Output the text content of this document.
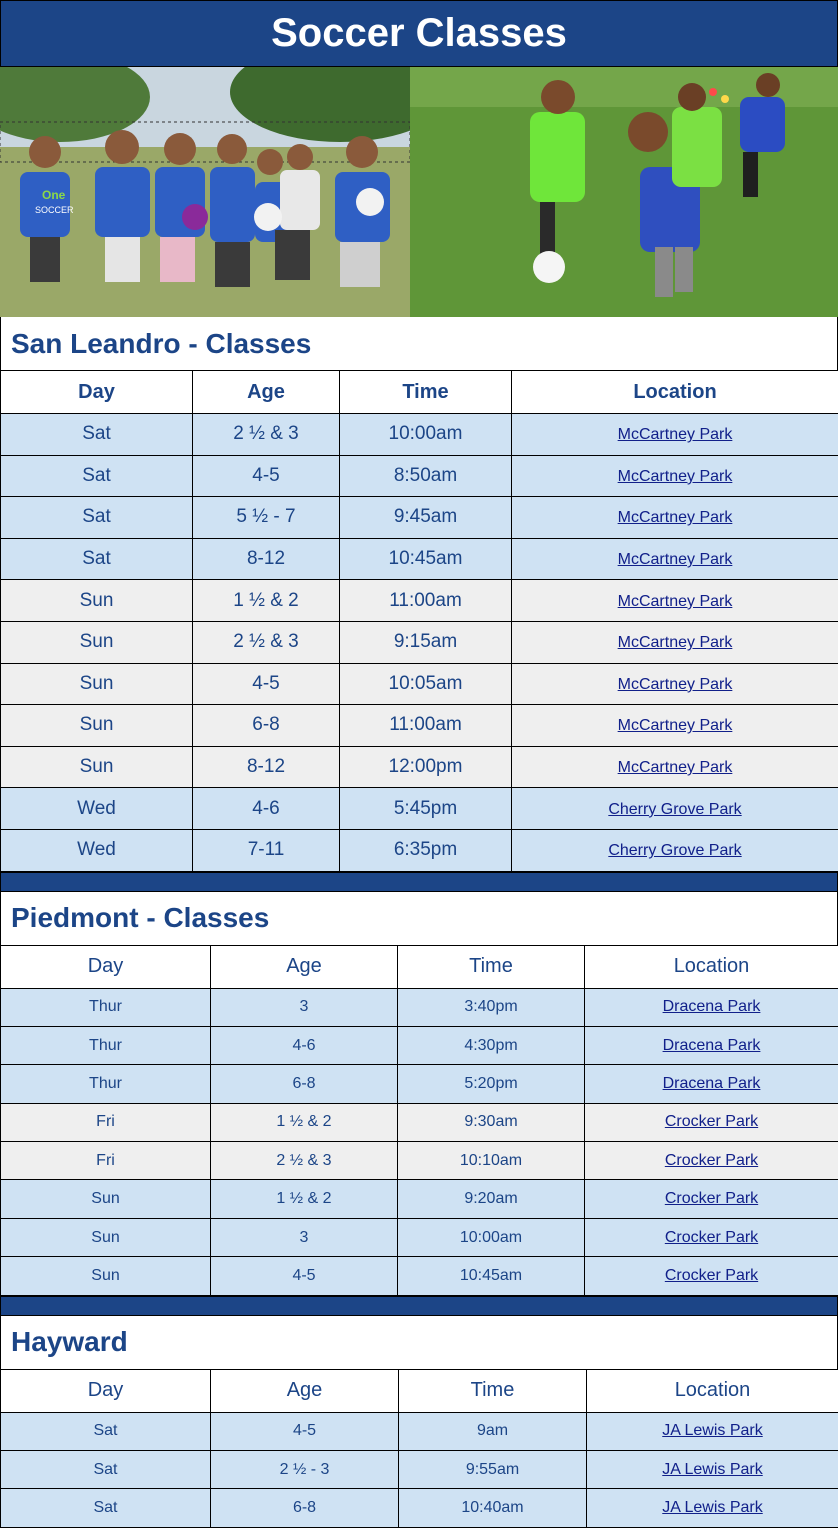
Soccer Classes
One
SOCCER
San Leandro - Classes
Day	Age	Time	Location
Sat	2 ½ & 3	10:00am	McCartney Park
Sat	4-5	8:50am	McCartney Park
Sat	5 ½ - 7	9:45am	McCartney Park
Sat	8-12	10:45am	McCartney Park
Sun	1 ½ & 2	11:00am	McCartney Park
Sun	2 ½ & 3	9:15am	McCartney Park
Sun	4-5	10:05am	McCartney Park
Sun	6-8	11:00am	McCartney Park
Sun	8-12	12:00pm	McCartney Park
Wed	4-6	5:45pm	Cherry Grove Park
Wed	7-11	6:35pm	Cherry Grove Park
Piedmont - Classes
Day	Age	Time	Location
Thur	3	3:40pm	Dracena Park
Thur	4-6	4:30pm	Dracena Park
Thur	6-8	5:20pm	Dracena Park
Fri	1 ½ & 2	9:30am	Crocker Park
Fri	2 ½ & 3	10:10am	Crocker Park
Sun	1 ½ & 2	9:20am	Crocker Park
Sun	3	10:00am	Crocker Park
Sun	4-5	10:45am	Crocker Park
Hayward
Day	Age	Time	Location
Sat	4-5	9am	JA Lewis Park
Sat	2 ½ - 3	9:55am	JA Lewis Park
Sat	6-8	10:40am	JA Lewis Park
